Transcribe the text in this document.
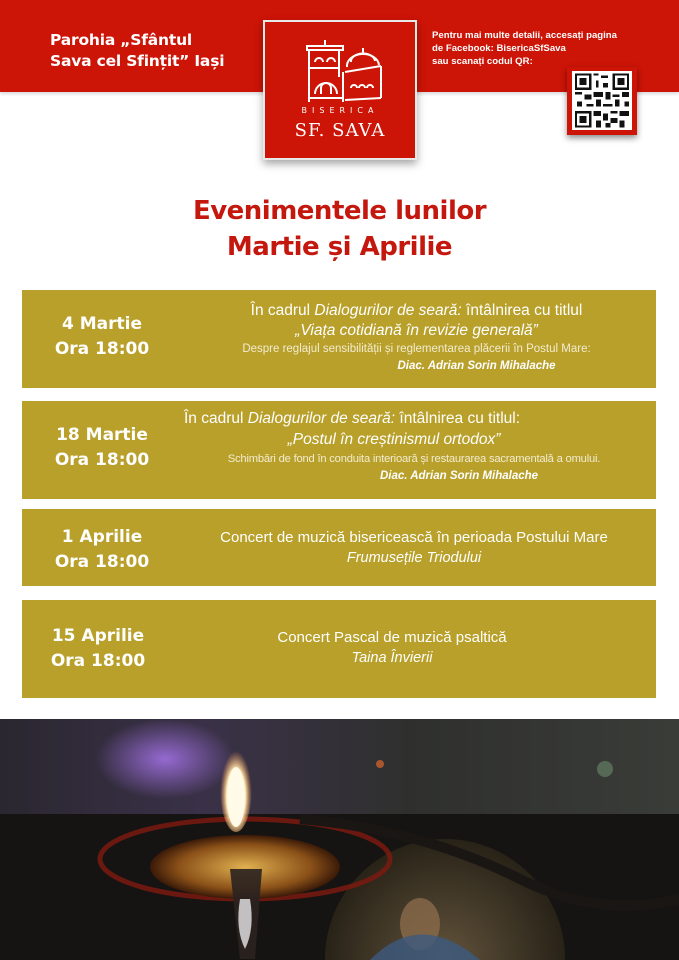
Parohia „Sfântul
Sava cel Sfințit” Iași
BISERICA
SF. SAVA
Pentru mai multe detalii, accesați pagina
de Facebook: BisericaSfSava
sau scanați codul QR:
Evenimentele lunilor
Martie și Aprilie
4 Martie
Ora 18:00
În cadrul Dialogurilor de seară: întâlnirea cu titlul
„Viața cotidiană în revizie generală”
Despre reglajul sensibilității și reglementarea plăcerii în Postul Mare:
Diac. Adrian Sorin Mihalache
18 Martie
Ora 18:00
În cadrul Dialogurilor de seară: întâlnirea cu titlul:
„Postul în creștinismul ortodox”
Schimbări de fond în conduita interioară și restaurarea sacramentală a omului.
Diac. Adrian Sorin Mihalache
1 Aprilie
Ora 18:00
Concert de muzică bisericească în perioada Postului Mare
Frumusețile Triodului
15 Aprilie
Ora 18:00
Concert Pascal de muzică psaltică
Taina Învierii
